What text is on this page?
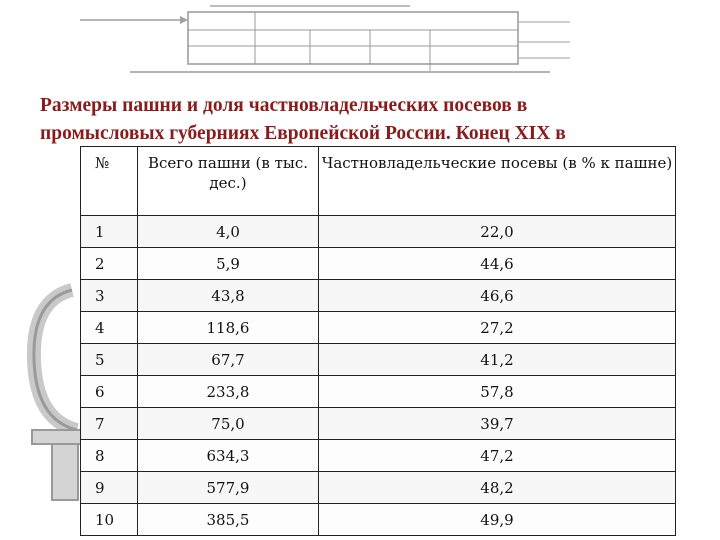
Размеры пашни и доля частновладельческих посевов в
промысловых губерниях Европейской России. Конец XIX в
№	Всего пашни (в тыс. дес.)	Частновладельческие посевы (в % к пашне)
1	4,0	22,0
2	5,9	44,6
3	43,8	46,6
4	118,6	27,2
5	67,7	41,2
6	233,8	57,8
7	75,0	39,7
8	634,3	47,2
9	577,9	48,2
10	385,5	49,9
